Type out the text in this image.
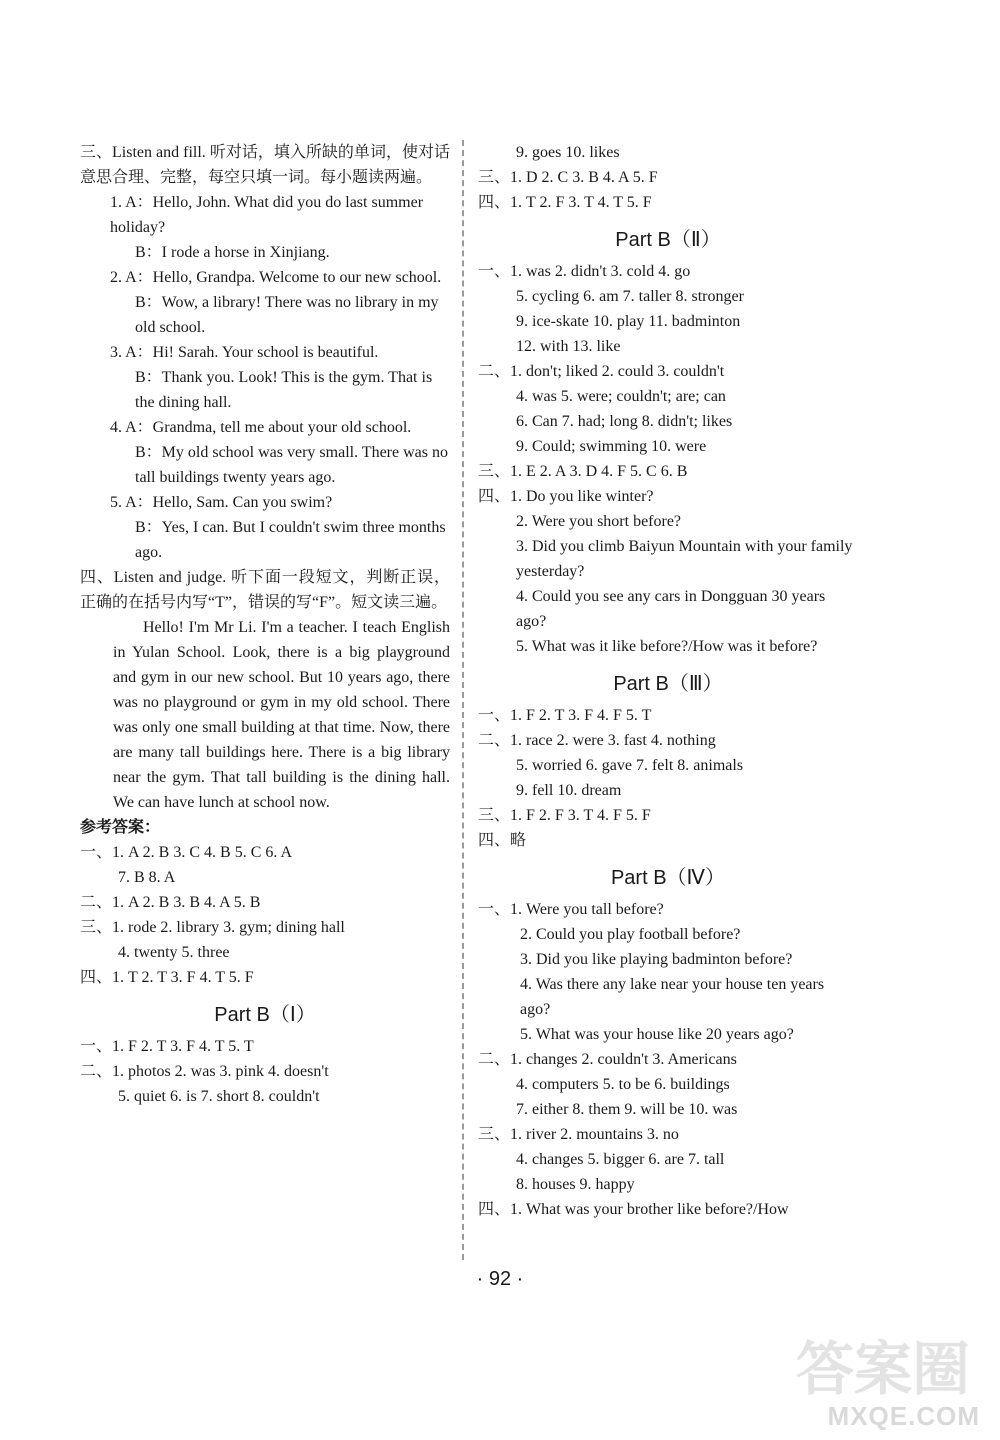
三、Listen and fill. 听对话，填入所缺的单词，使对话意思合理、完整，每空只填一词。每小题读两遍。
1. A：Hello, John. What did you do last summer holiday?
B：I rode a horse in Xinjiang.
2. A：Hello, Grandpa. Welcome to our new school.
B：Wow, a library! There was no library in my old school.
3. A：Hi! Sarah. Your school is beautiful.
B：Thank you. Look! This is the gym. That is the dining hall.
4. A：Grandma, tell me about your old school.
B：My old school was very small. There was no tall buildings twenty years ago.
5. A：Hello, Sam. Can you swim?
B：Yes, I can. But I couldn't swim three months ago.
四、Listen and judge. 听下面一段短文，判断正误，正确的在括号内写“T”，错误的写“F”。短文读三遍。
Hello! I'm Mr Li. I'm a teacher. I teach English in Yulan School. Look, there is a big playground and gym in our new school. But 10 years ago, there was no playground or gym in my old school. There was only one small building at that time. Now, there are many tall buildings here. There is a big library near the gym. That tall building is the dining hall. We can have lunch at school now.
参考答案：
一、1. A 2. B 3. C 4. B 5. C 6. A
7. B 8. A
二、1. A 2. B 3. B 4. A 5. B
三、1. rode 2. library 3. gym; dining hall
4. twenty 5. three
四、1. T 2. T 3. F 4. T 5. F
Part B（Ⅰ）
一、1. F 2. T 3. F 4. T 5. T
二、1. photos 2. was 3. pink 4. doesn't
5. quiet 6. is 7. short 8. couldn't
9. goes 10. likes
三、1. D 2. C 3. B 4. A 5. F
四、1. T 2. F 3. T 4. T 5. F
Part B（Ⅱ）
一、1. was 2. didn't 3. cold 4. go
5. cycling 6. am 7. taller 8. stronger
9. ice-skate 10. play 11. badminton
12. with 13. like
二、1. don't; liked 2. could 3. couldn't
4. was 5. were; couldn't; are; can
6. Can 7. had; long 8. didn't; likes
9. Could; swimming 10. were
三、1. E 2. A 3. D 4. F 5. C 6. B
四、1. Do you like winter?
2. Were you short before?
3. Did you climb Baiyun Mountain with your family yesterday?
4. Could you see any cars in Dongguan 30 years ago?
5. What was it like before?/How was it before?
Part B（Ⅲ）
一、1. F 2. T 3. F 4. F 5. T
二、1. race 2. were 3. fast 4. nothing
5. worried 6. gave 7. felt 8. animals
9. fell 10. dream
三、1. F 2. F 3. T 4. F 5. F
四、略
Part B（Ⅳ）
一、1. Were you tall before?
2. Could you play football before?
3. Did you like playing badminton before?
4. Was there any lake near your house ten years ago?
5. What was your house like 20 years ago?
二、1. changes 2. couldn't 3. Americans
4. computers 5. to be 6. buildings
7. either 8. them 9. will be 10. was
三、1. river 2. mountains 3. no
4. changes 5. bigger 6. are 7. tall
8. houses 9. happy
四、1. What was your brother like before?/How
· 92 ·
答案圈
MXQE.COM
